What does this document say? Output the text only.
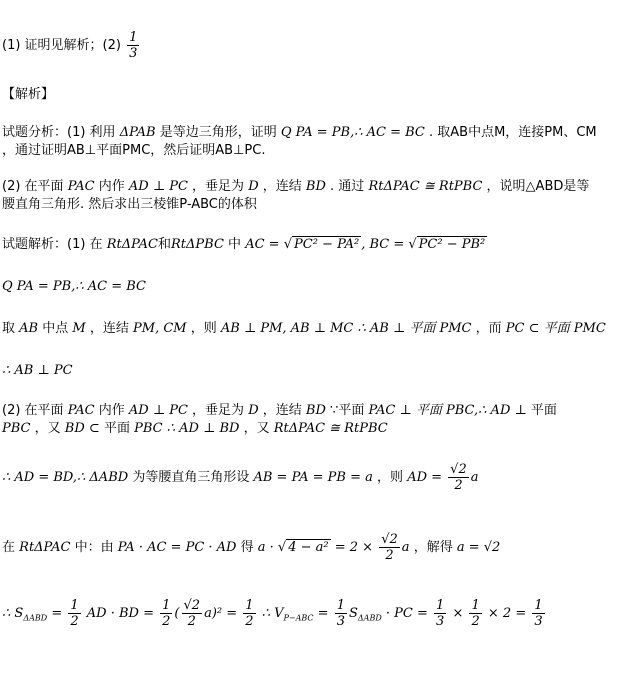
(1) 证明见解析；$(2) \frac{1}{3}$
【解析】
试题分析：(1) 利用 ΔPAB 是等边三角形，证明 Q PA = PB,∴ AC = BC . 取AB中点M，连接PM、CM
，通过证明AB⊥平面PMC，然后证明AB⊥PC.
(2) 在平面 PAC 内作 AD ⊥ PC ，垂足为 D ，连结 BD . 通过 RtΔPAC ≅ RtPBC ，说明△ABD是等
腰直角三角形. 然后求出三棱锥P-ABC的体积
试题解析：(1) 在 RtΔPAC和RtΔPBC 中 AC = √ PC² − PA² , BC = √ PC² − PB²
Q PA = PB,∴ AC = BC
取 AB 中点 M ，连结 PM, CM ，则 AB ⊥ PM, AB ⊥ MC ∴ AB ⊥ 平面 PMC ，而 PC ⊂ 平面 PMC
∴ AB ⊥ PC
(2) 在平面 PAC 内作 AD ⊥ PC ，垂足为 D ，连结 BD ∵平面 PAC ⊥ 平面 PBC,∴ AD ⊥ 平面
PBC ，又 BD ⊂ 平面 PBC ∴ AD ⊥ BD ，又 RtΔPAC ≅ RtPBC
∴ AD = BD,∴ ΔABD 为等腰直角三角形设 AB = PA = PB = a ，则 AD = $\frac{√2}{2}$ a
在 RtΔPAC 中：由 PA · AC = PC · AD 得 a · √ $4 - a^2 = 2 \times \frac{√2}{2}$ a ，解得 a = √2
∴ $S_{\Delta ABD} = \frac{1}{2}$ AD · BD = $\frac{1}{2}$ ( $\frac{√2}{2} a)^2 = \frac{1}{2}$ ∴ $V_{P-ABC} = \frac{1}{3} S_{\Delta ABD}$ · PC = $\frac{1}{3} \times \frac{1}{2} \times 2 = \frac{1}{3}$
